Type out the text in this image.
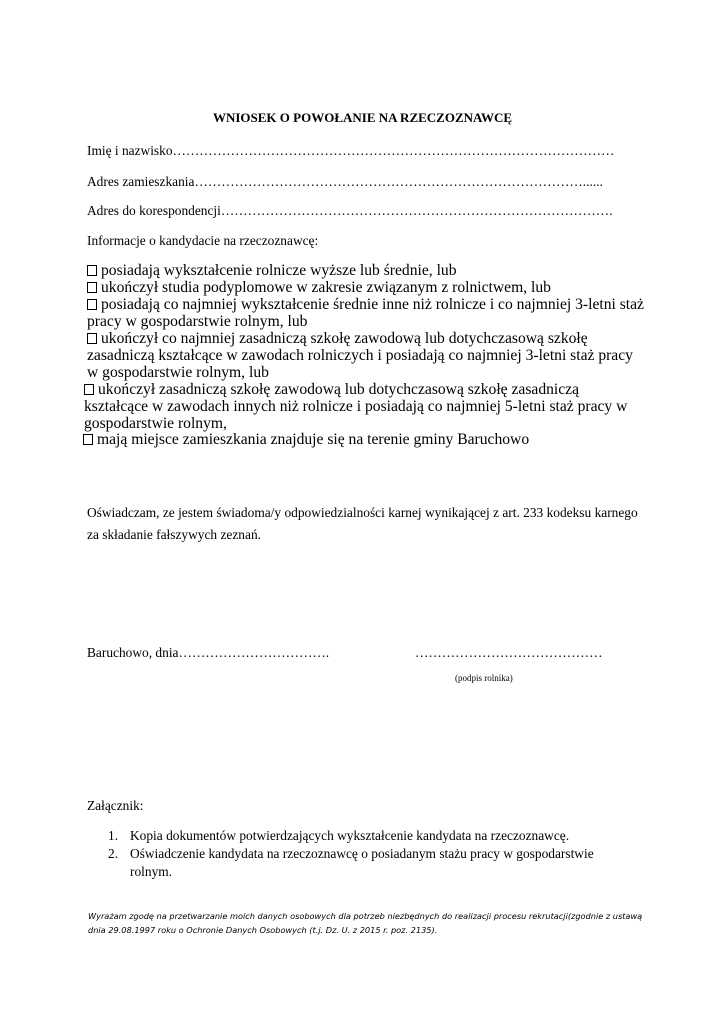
WNIOSEK O POWOŁANIE NA RZECZOZNAWCĘ
Imię i nazwisko………………………………………………………………………………………
Adres zamieszkania……………………………………………………………………………......
Adres do korespondencji…………………………………………………………………………….
Informacje o kandydacie na rzeczoznawcę:
posiadają wykształcenie rolnicze wyższe lub średnie, lub
ukończył studia podyplomowe w zakresie związanym z rolnictwem, lub
posiadają co najmniej wykształcenie średnie inne niż rolnicze i co najmniej 3-letni staż pracy w gospodarstwie rolnym, lub
ukończył co najmniej zasadniczą szkołę zawodową lub dotychczasową szkołę zasadniczą kształcące w zawodach rolniczych i posiadają co najmniej 3-letni staż pracy w gospodarstwie rolnym, lub
ukończył zasadniczą szkołę zawodową lub dotychczasową szkołę zasadniczą kształcące w zawodach innych niż rolnicze i posiadają co najmniej 5-letni staż pracy w gospodarstwie rolnym,
mają miejsce zamieszkania znajduje się na terenie gminy Baruchowo
Oświadczam, ze jestem świadoma/y odpowiedzialności karnej wynikającej z art. 233 kodeksu karnego za składanie fałszywych zeznań.
Baruchowo, dnia…………………………….	……………………………………
(podpis rolnika)
Załącznik:
1. Kopia dokumentów potwierdzających wykształcenie kandydata na rzeczoznawcę.
2. Oświadczenie kandydata na rzeczoznawcę o posiadanym stażu pracy w gospodarstwie rolnym.
Wyrażam zgodę na przetwarzanie moich danych osobowych dla potrzeb niezbędnych do realizacji procesu rekrutacji(zgodnie z ustawą dnia 29.08.1997 roku o Ochronie Danych Osobowych (t.j. Dz. U. z 2015 r. poz. 2135).
